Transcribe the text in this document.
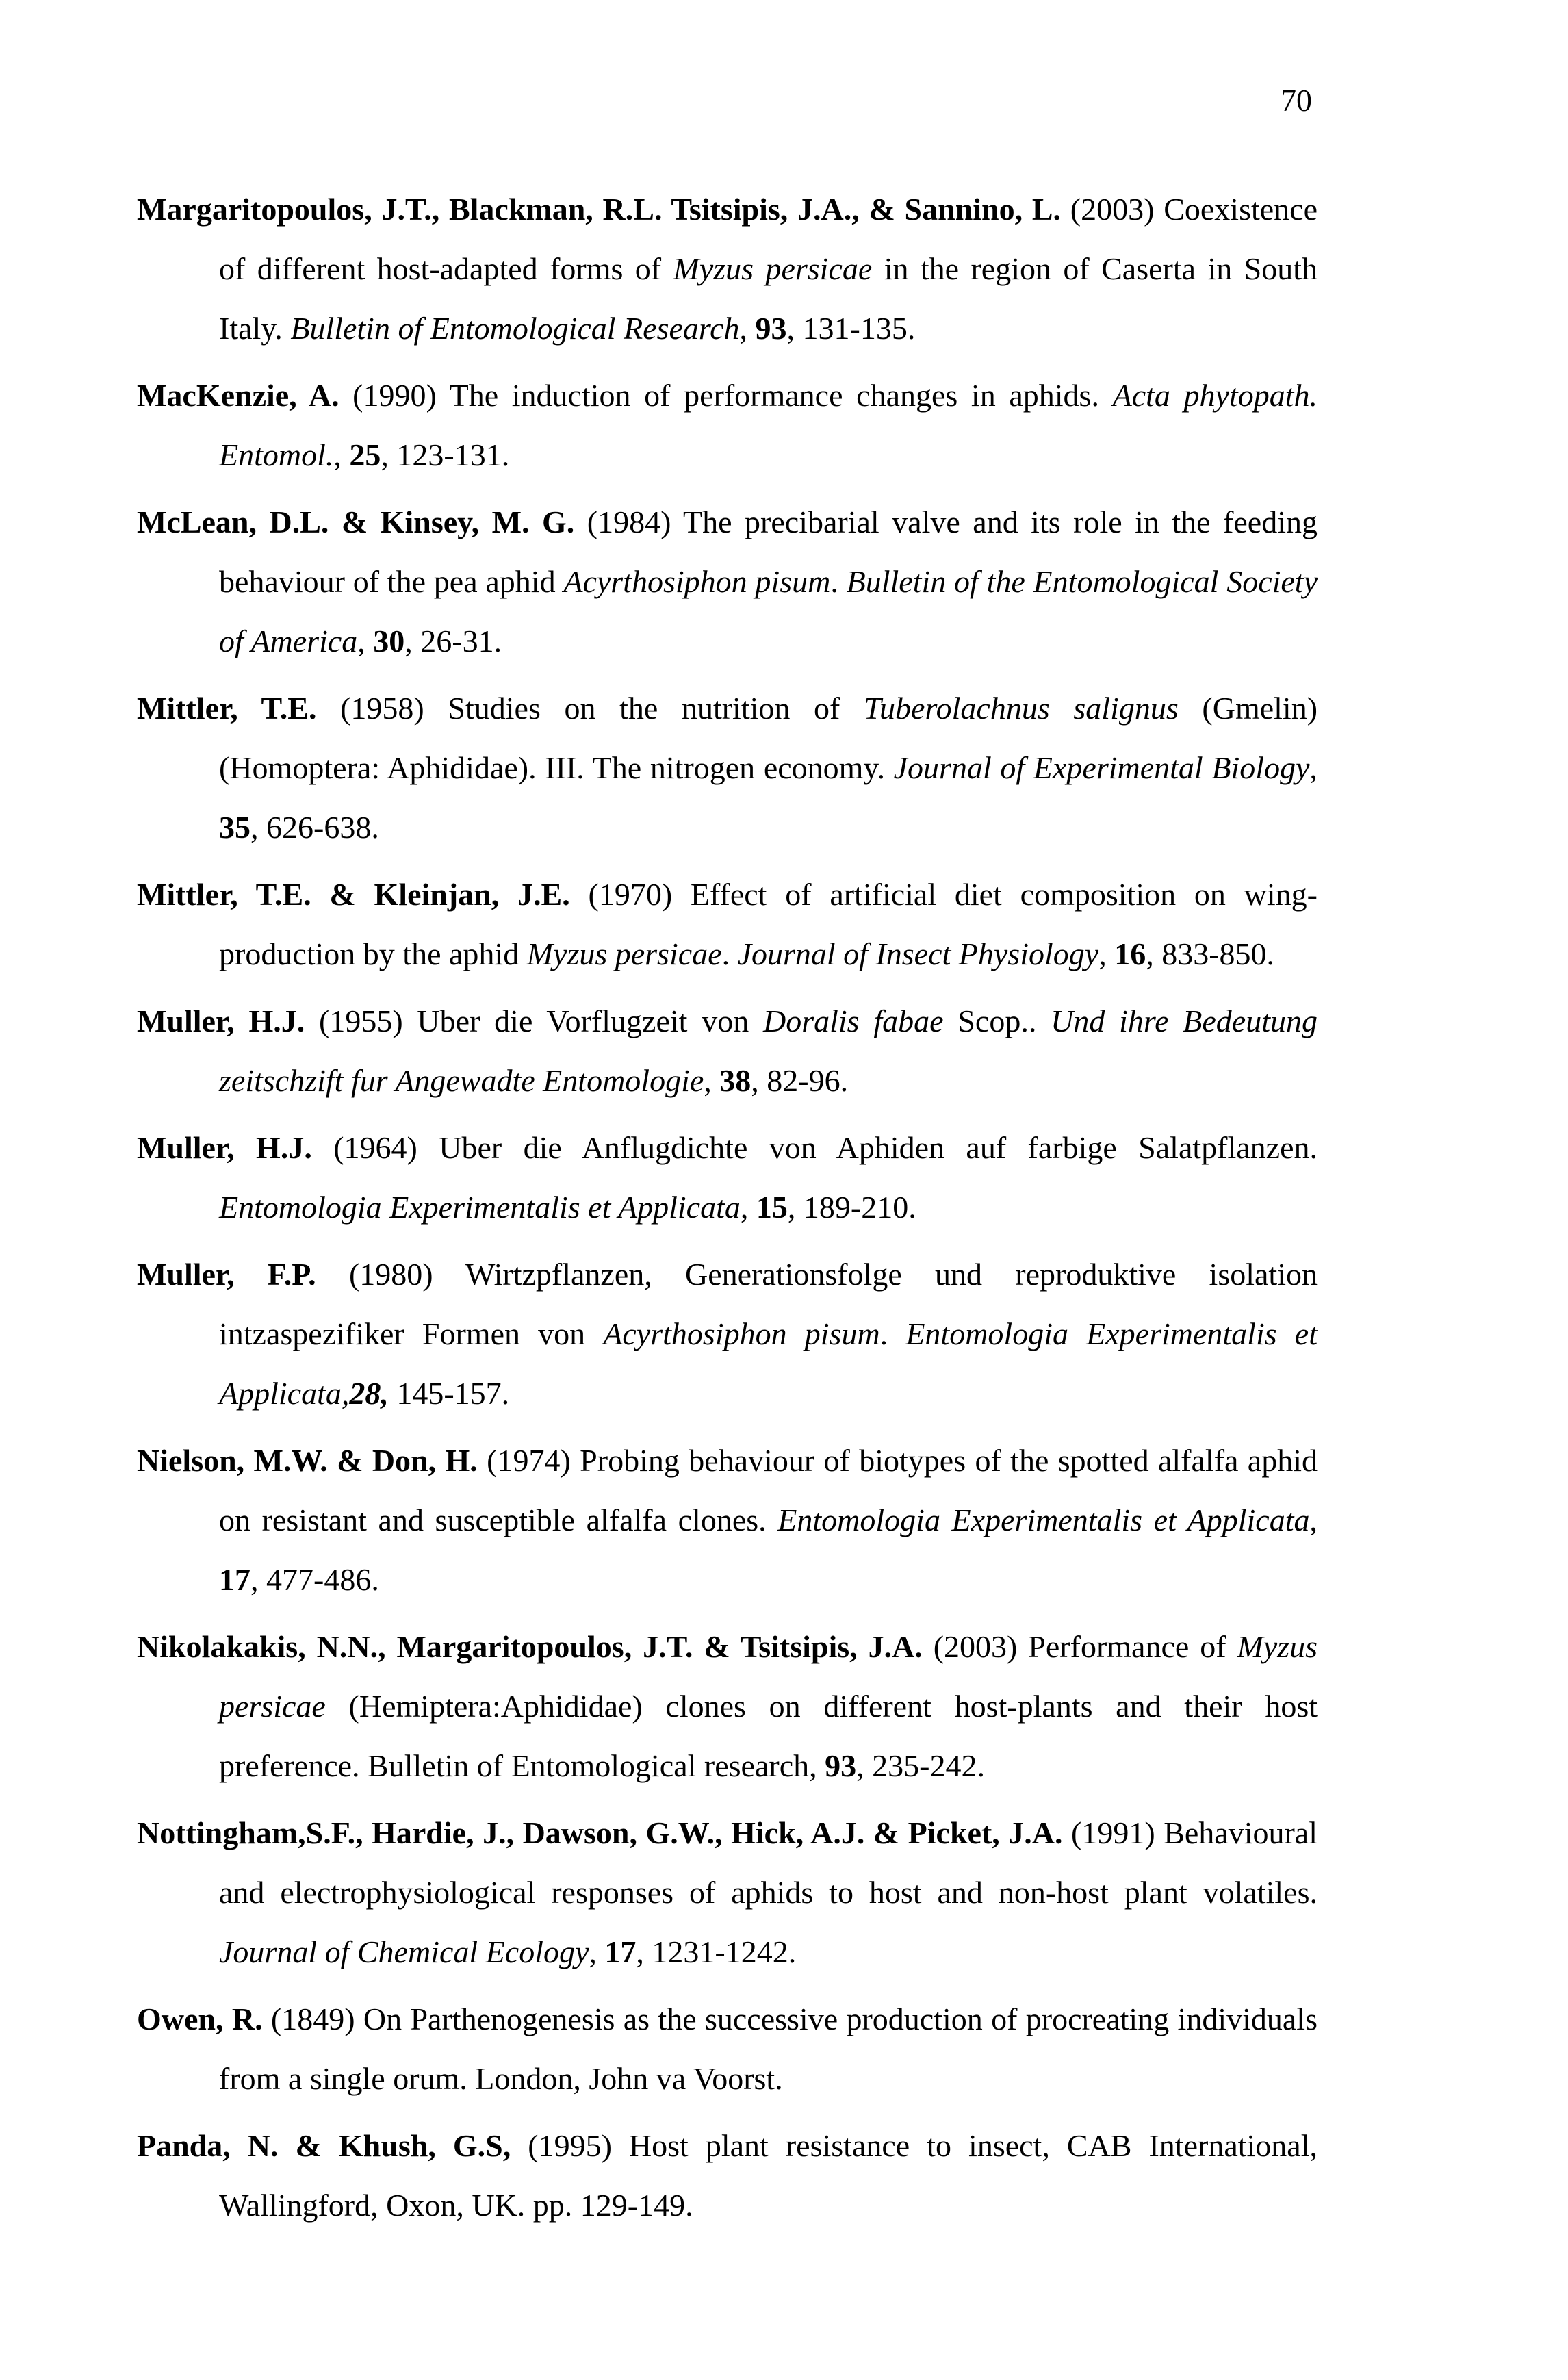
70
Margaritopoulos, J.T., Blackman, R.L. Tsitsipis, J.A., & Sannino, L. (2003) Coexistence of different host-adapted forms of Myzus persicae in the region of Caserta in South Italy. Bulletin of Entomological Research, 93, 131-135.
MacKenzie, A. (1990) The induction of performance changes in aphids. Acta phytopath. Entomol., 25, 123-131.
McLean, D.L. & Kinsey, M. G. (1984) The precibarial valve and its role in the feeding behaviour of the pea aphid Acyrthosiphon pisum. Bulletin of the Entomological Society of America, 30, 26-31.
Mittler, T.E. (1958) Studies on the nutrition of Tuberolachnus salignus (Gmelin) (Homoptera: Aphididae). III. The nitrogen economy. Journal of Experimental Biology, 35, 626-638.
Mittler, T.E. & Kleinjan, J.E. (1970) Effect of artificial diet composition on wing-production by the aphid Myzus persicae. Journal of Insect Physiology, 16, 833-850.
Muller, H.J. (1955) Uber die Vorflugzeit von Doralis fabae Scop.. Und ihre Bedeutung zeitschzift fur Angewadte Entomologie, 38, 82-96.
Muller, H.J. (1964) Uber die Anflugdichte von Aphiden auf farbige Salatpflanzen. Entomologia Experimentalis et Applicata, 15, 189-210.
Muller, F.P. (1980) Wirtzpflanzen, Generationsfolge und reproduktive isolation intzaspezifiker Formen von Acyrthosiphon pisum. Entomologia Experimentalis et Applicata,28, 145-157.
Nielson, M.W. & Don, H. (1974) Probing behaviour of biotypes of the spotted alfalfa aphid on resistant and susceptible alfalfa clones. Entomologia Experimentalis et Applicata, 17, 477-486.
Nikolakakis, N.N., Margaritopoulos, J.T. & Tsitsipis, J.A. (2003) Performance of Myzus persicae (Hemiptera:Aphididae) clones on different host-plants and their host preference. Bulletin of Entomological research, 93, 235-242.
Nottingham,S.F., Hardie, J., Dawson, G.W., Hick, A.J. & Picket, J.A. (1991) Behavioural and electrophysiological responses of aphids to host and non-host plant volatiles. Journal of Chemical Ecology, 17, 1231-1242.
Owen, R. (1849) On Parthenogenesis as the successive production of procreating individuals from a single orum. London, John va Voorst.
Panda, N. & Khush, G.S, (1995) Host plant resistance to insect, CAB International, Wallingford, Oxon, UK. pp. 129-149.
